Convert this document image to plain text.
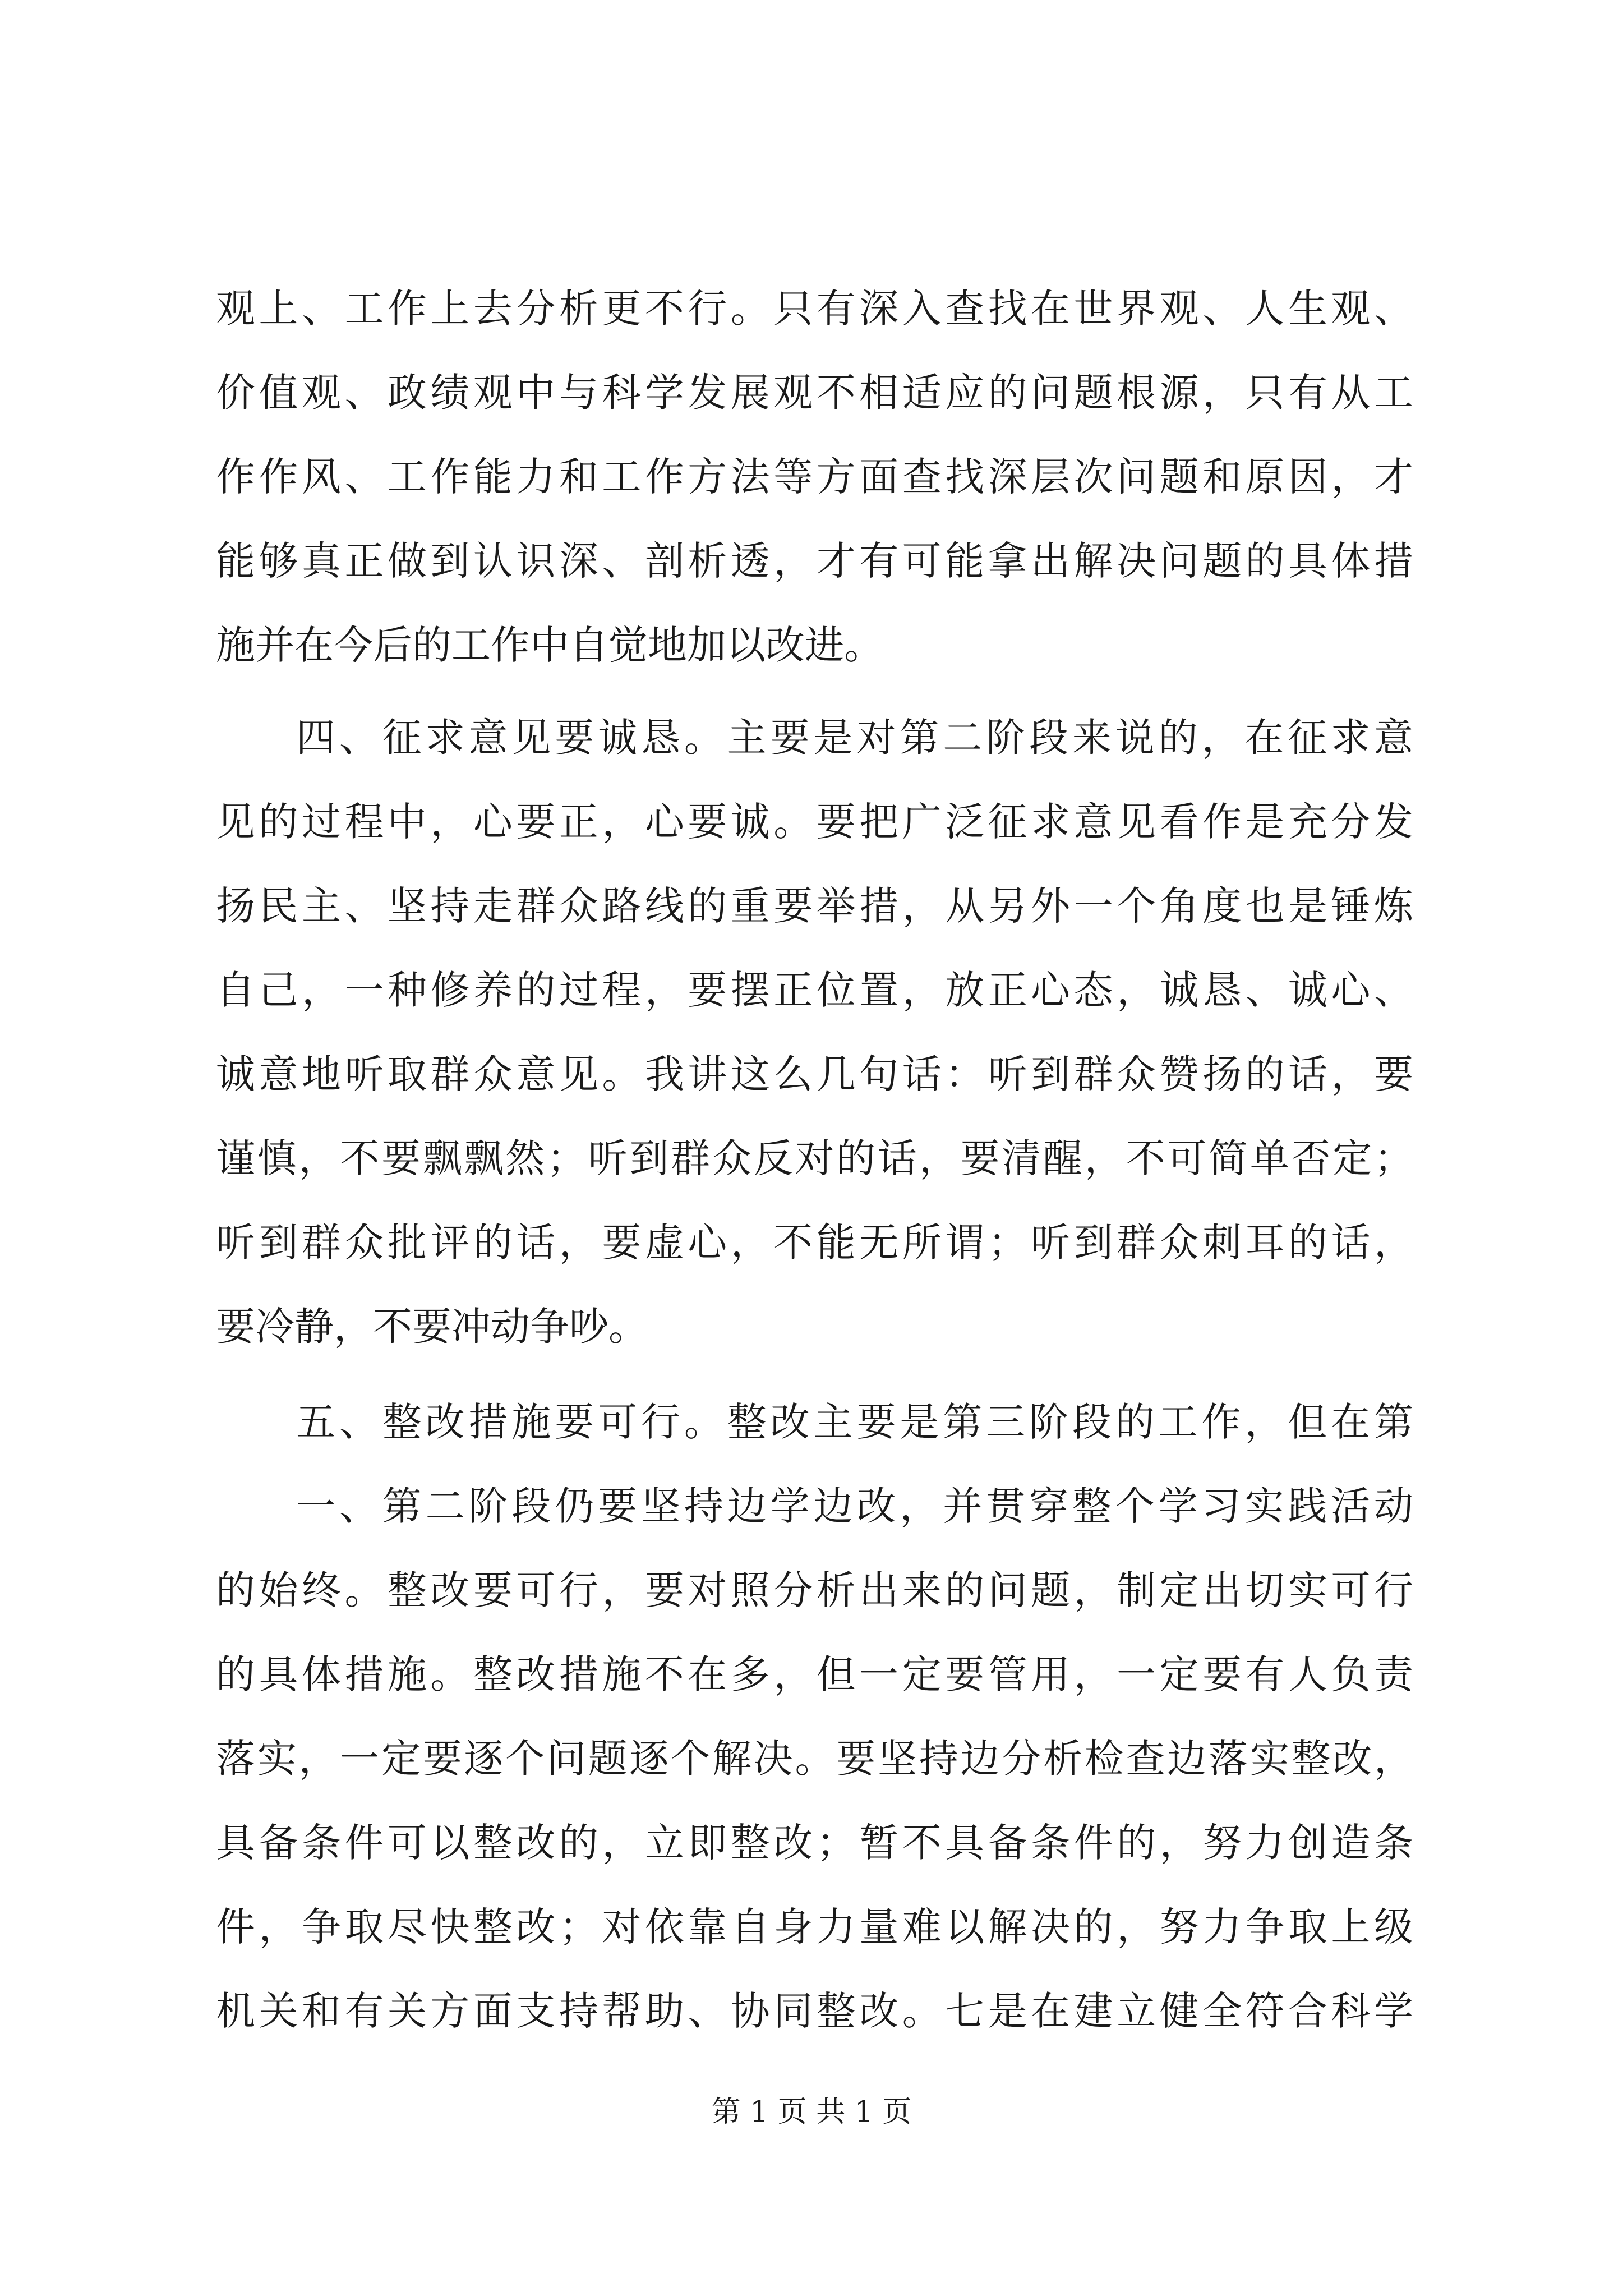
观上、工作上去分析更不行。只有深入查找在世界观、人生观、
价值观、政绩观中与科学发展观不相适应的问题根源，只有从工
作作风、工作能力和工作方法等方面查找深层次问题和原因，才
能够真正做到认识深、剖析透，才有可能拿出解决问题的具体措
施并在今后的工作中自觉地加以改进。
四、征求意见要诚恳。主要是对第二阶段来说的，在征求意
见的过程中，心要正，心要诚。要把广泛征求意见看作是充分发
扬民主、坚持走群众路线的重要举措，从另外一个角度也是锤炼
自己，一种修养的过程，要摆正位置，放正心态，诚恳、诚心、
诚意地听取群众意见。我讲这么几句话：听到群众赞扬的话，要
谨慎，不要飘飘然；听到群众反对的话，要清醒，不可简单否定；
听到群众批评的话，要虚心，不能无所谓；听到群众刺耳的话，
要冷静，不要冲动争吵。
五、整改措施要可行。整改主要是第三阶段的工作，但在第
一、第二阶段仍要坚持边学边改，并贯穿整个学习实践活动
的始终。整改要可行，要对照分析出来的问题，制定出切实可行
的具体措施。整改措施不在多，但一定要管用，一定要有人负责
落实，一定要逐个问题逐个解决。要坚持边分析检查边落实整改，
具备条件可以整改的，立即整改；暂不具备条件的，努力创造条
件，争取尽快整改；对依靠自身力量难以解决的，努力争取上级
机关和有关方面支持帮助、协同整改。七是在建立健全符合科学
第 1 页 共 1 页
